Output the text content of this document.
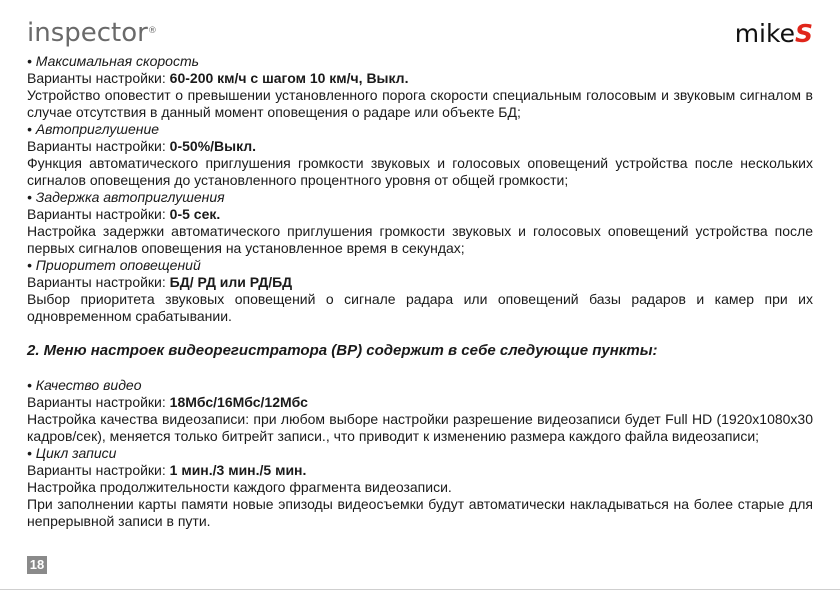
inspector®	mikeS

• Максимальная скорость

Варианты настройки: 60-200 км/ч с шагом 10 км/ч, Выкл.

Устройство оповестит о превышении установленного порога скорости специальным голосовым и звуковым сигналом в случае отсутствия в данный момент оповещения о радаре или объекте БД;

• Автоприглушение

Варианты настройки: 0-50%/Выкл.

Функция автоматического приглушения громкости звуковых и голосовых оповещений устройства после нескольких сигналов оповещения до установленного процентного уровня от общей громкости;

• Задержка автоприглушения

Варианты настройки: 0-5 сек.

Настройка задержки автоматического приглушения громкости звуковых и голосовых оповещений устройства после первых сигналов оповещения на установленное время в секундах;

• Приоритет оповещений

Варианты настройки: БД/ РД или РД/БД

Выбор приоритета звуковых оповещений о сигнале радара или оповещений базы радаров и камер при их одновременном срабатывании.

2. Меню настроек видеорегистратора (ВР) содержит в себе следующие пункты:

• Качество видео

Варианты настройки: 18Мбс/16Мбс/12Мбс

Настройка качества видеозаписи: при любом выборе настройки разрешение видеозаписи будет Full HD (1920x1080x30 кадров/сек), меняется только битрейт записи., что приводит к изменению размера каждого файла видеозаписи;

• Цикл записи

Варианты настройки: 1 мин./3 мин./5 мин.

Настройка продолжительности каждого фрагмента видеозаписи.

При заполнении карты памяти новые эпизоды видеосъемки будут автоматически накладываться на более старые для непрерывной записи в пути.

18
